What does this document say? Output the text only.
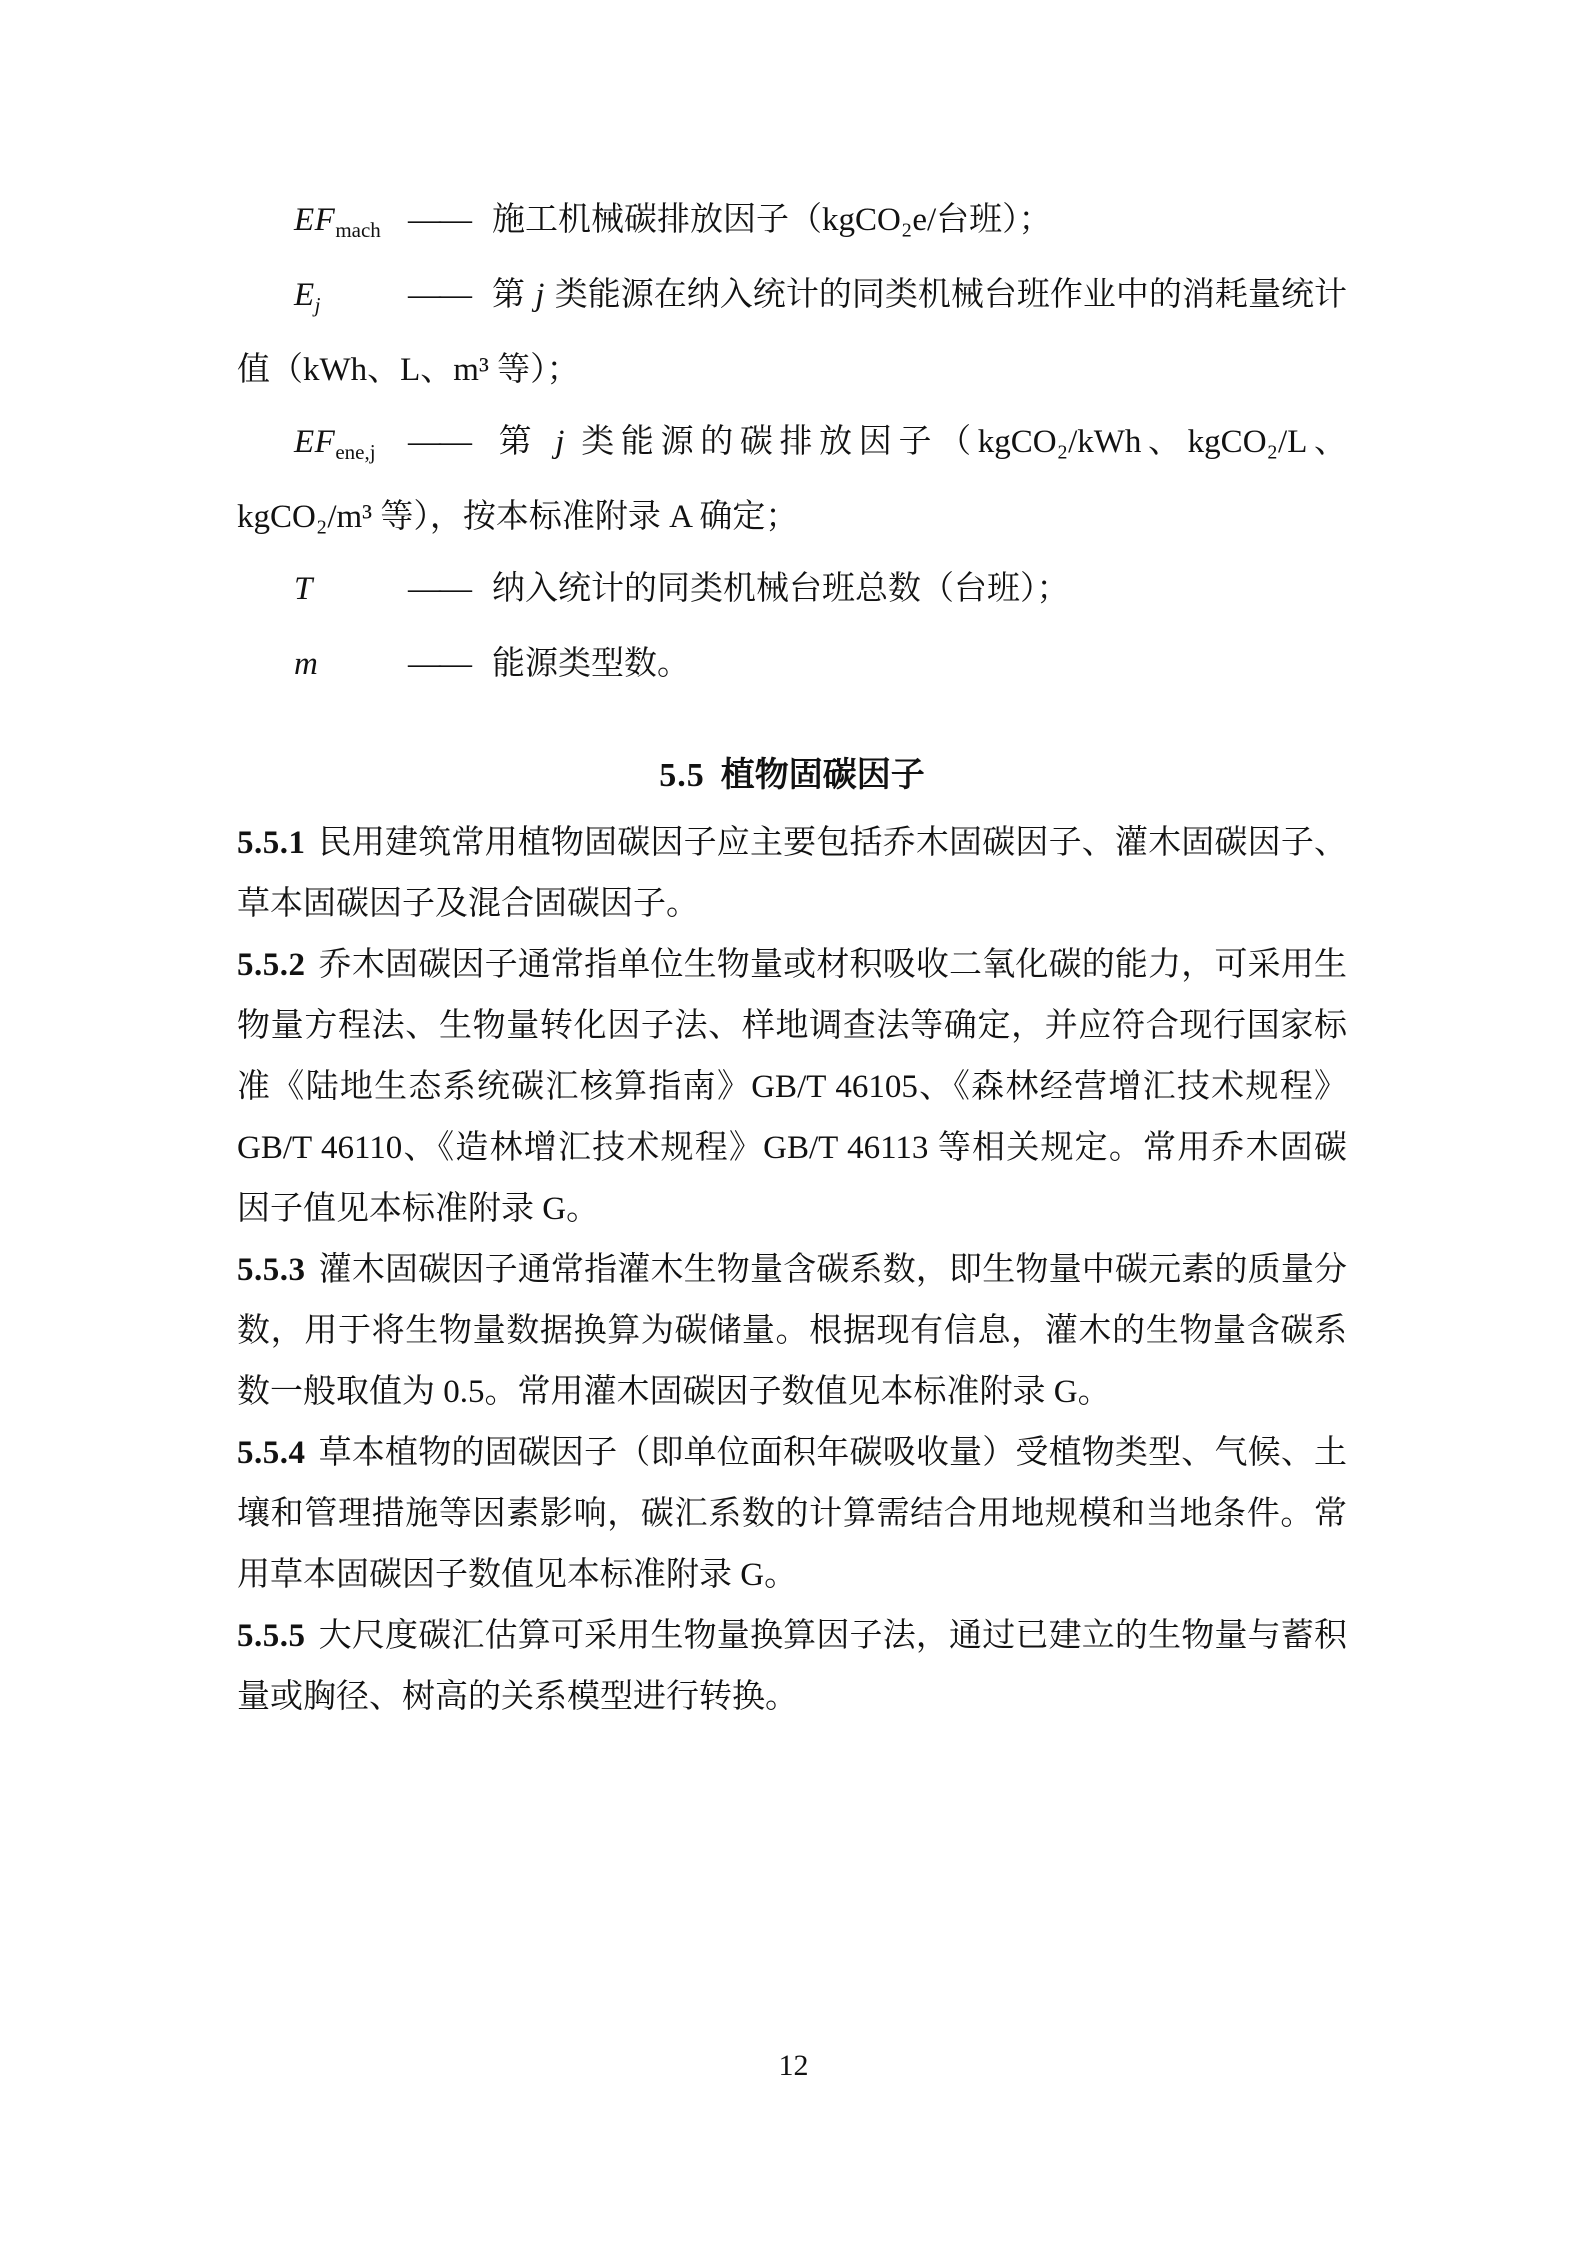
$EF_{mach}$ —— 施工机械碳排放因子（kgCO₂e/台班）；

$E_j$	—— 第 j 类能源在纳入统计的同类机械台班作业中的消耗量统计值（kWh、L、m³ 等）；

$EF_{ene,j}$ —— 第 j 类能源的碳排放因子（kgCO₂/kWh、kgCO₂/L、kgCO₂/m³ 等），按本标准附录 A 确定；

T	—— 纳入统计的同类机械台班总数（台班）；

m	—— 能源类型数。

5.5 植物固碳因子

5.5.1 民用建筑常用植物固碳因子应主要包括乔木固碳因子、灌木固碳因子、草本固碳因子及混合固碳因子。

5.5.2 乔木固碳因子通常指单位生物量或材积吸收二氧化碳的能力，可采用生物量方程法、生物量转化因子法、样地调查法等确定，并应符合现行国家标准《陆地生态系统碳汇核算指南》GB/T 46105、《森林经营增汇技术规程》GB/T 46110、《造林增汇技术规程》GB/T 46113 等相关规定。常用乔木固碳因子值见本标准附录 G。

5.5.3 灌木固碳因子通常指灌木生物量含碳系数，即生物量中碳元素的质量分数，用于将生物量数据换算为碳储量。根据现有信息，灌木的生物量含碳系数一般取值为 0.5。常用灌木固碳因子数值见本标准附录 G。

5.5.4 草本植物的固碳因子（即单位面积年碳吸收量）受植物类型、气候、土壤和管理措施等因素影响，碳汇系数的计算需结合用地规模和当地条件。常用草本固碳因子数值见本标准附录 G。

5.5.5 大尺度碳汇估算可采用生物量换算因子法，通过已建立的生物量与蓄积量或胸径、树高的关系模型进行转换。

12
